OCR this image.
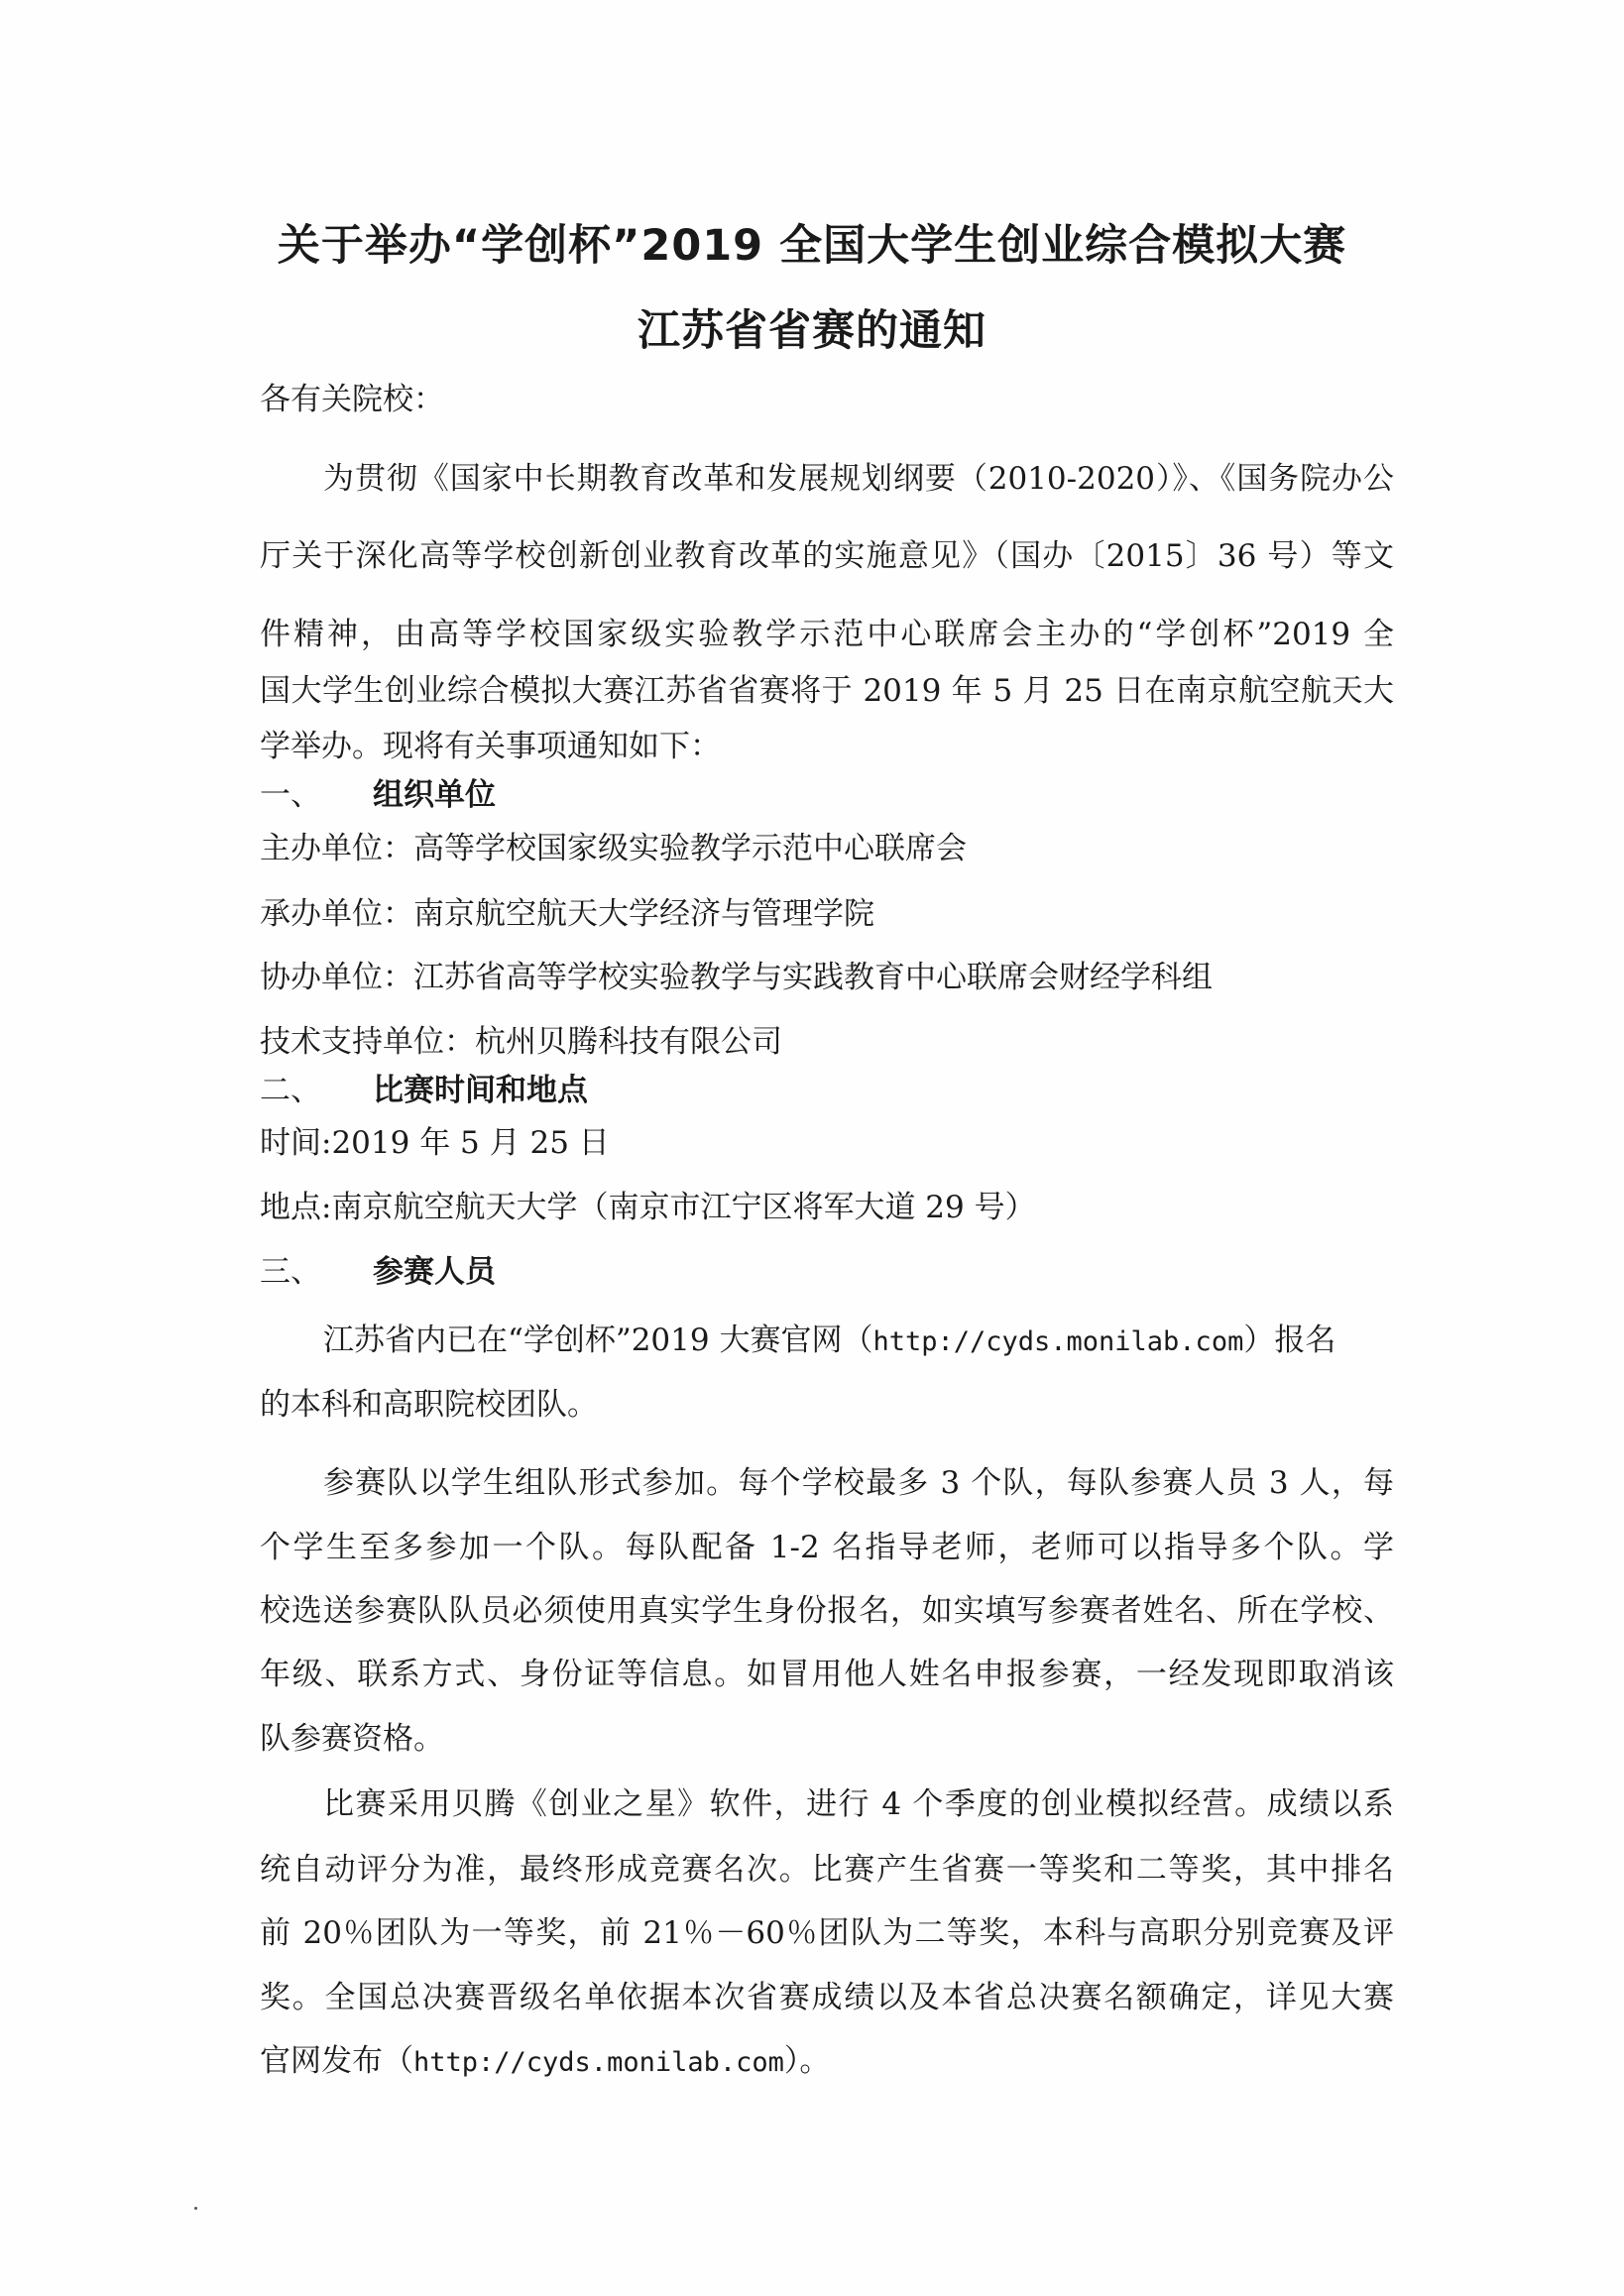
关于举办“学创杯”2019 全国大学生创业综合模拟大赛
江苏省省赛的通知
各有关院校：
为贯彻《国家中长期教育改革和发展规划纲要（2010-2020）》、《国务院办公
厅关于深化高等学校创新创业教育改革的实施意见》（国办〔2015〕36 号）等文
件精神，由高等学校国家级实验教学示范中心联席会主办的“学创杯”2019 全
国大学生创业综合模拟大赛江苏省省赛将于 2019 年 5 月 25 日在南京航空航天大
学举办。现将有关事项通知如下：
一、 组织单位
主办单位：高等学校国家级实验教学示范中心联席会
承办单位：南京航空航天大学经济与管理学院
协办单位：江苏省高等学校实验教学与实践教育中心联席会财经学科组
技术支持单位：杭州贝腾科技有限公司
二、 比赛时间和地点
时间:2019 年 5 月 25 日
地点:南京航空航天大学（南京市江宁区将军大道 29 号）
三、 参赛人员
江苏省内已在“学创杯”2019 大赛官网（http://cyds.monilab.com）报名
的本科和高职院校团队。
参赛队以学生组队形式参加。每个学校最多 3 个队，每队参赛人员 3 人，每
个学生至多参加一个队。每队配备 1-2 名指导老师，老师可以指导多个队。学
校选送参赛队队员必须使用真实学生身份报名，如实填写参赛者姓名、所在学校、
年级、联系方式、身份证等信息。如冒用他人姓名申报参赛，一经发现即取消该
队参赛资格。
比赛采用贝腾《创业之星》软件，进行 4 个季度的创业模拟经营。成绩以系
统自动评分为准，最终形成竞赛名次。比赛产生省赛一等奖和二等奖，其中排名
前 20％团队为一等奖，前 21％－60％团队为二等奖，本科与高职分别竞赛及评
奖。全国总决赛晋级名单依据本次省赛成绩以及本省总决赛名额确定，详见大赛
官网发布（http://cyds.monilab.com）。
